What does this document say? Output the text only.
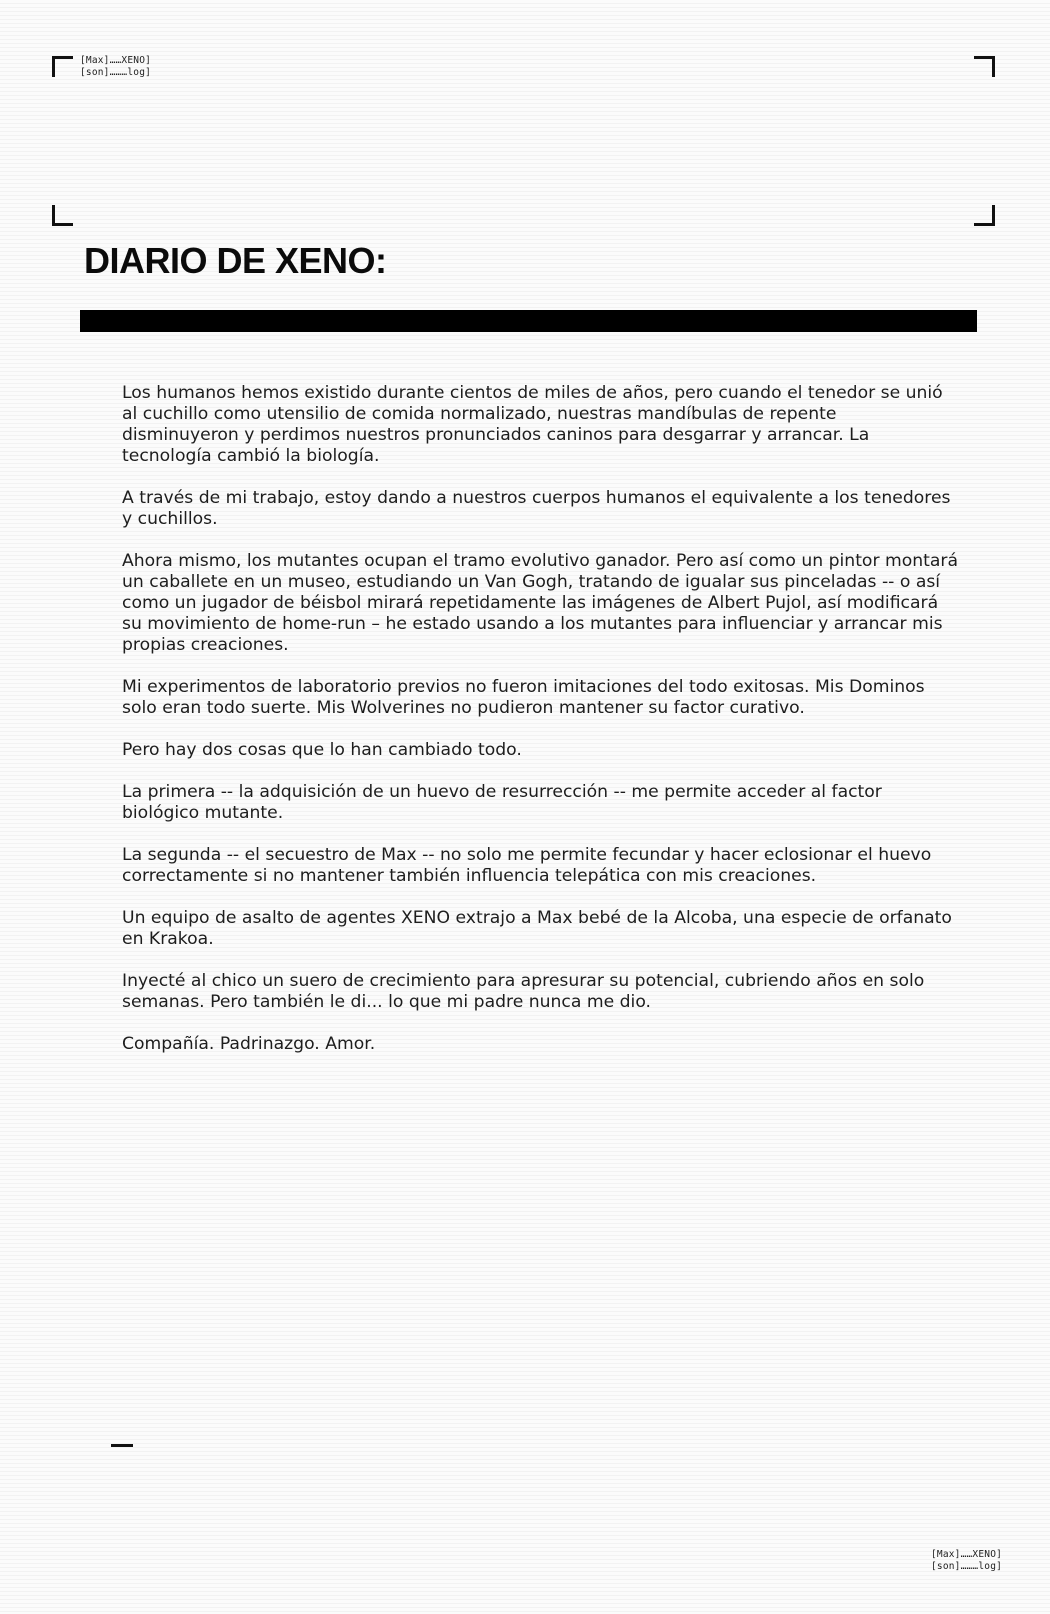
[Max]……XENO]
[son]………log]
DIARIO DE XENO:

Los humanos hemos existido durante cientos de miles de años, pero cuando el tenedor se unió al cuchillo como utensilio de comida normalizado, nuestras mandíbulas de repente disminuyeron y perdimos nuestros pronunciados caninos para desgarrar y arrancar. La tecnología cambió la biología.

A través de mi trabajo, estoy dando a nuestros cuerpos humanos el equivalente a los tenedores y cuchillos.

Ahora mismo, los mutantes ocupan el tramo evolutivo ganador. Pero así como un pintor montará un caballete en un museo, estudiando un Van Gogh, tratando de igualar sus pinceladas -- o así como un jugador de béisbol mirará repetidamente las imágenes de Albert Pujol, así modificará su movimiento de home-run – he estado usando a los mutantes para influenciar y arrancar mis propias creaciones.

Mi experimentos de laboratorio previos no fueron imitaciones del todo exitosas. Mis Dominos solo eran todo suerte. Mis Wolverines no pudieron mantener su factor curativo.

Pero hay dos cosas que lo han cambiado todo.

La primera -- la adquisición de un huevo de resurrección -- me permite acceder al factor biológico mutante.

La segunda -- el secuestro de Max -- no solo me permite fecundar y hacer eclosionar el huevo correctamente si no mantener también influencia telepática con mis creaciones.

Un equipo de asalto de agentes XENO extrajo a Max bebé de la Alcoba, una especie de orfanato en Krakoa.

Inyecté al chico un suero de crecimiento para apresurar su potencial, cubriendo años en solo semanas. Pero también le di... lo que mi padre nunca me dio.

Compañía. Padrinazgo. Amor.

[Max]……XENO]
[son]………log]
